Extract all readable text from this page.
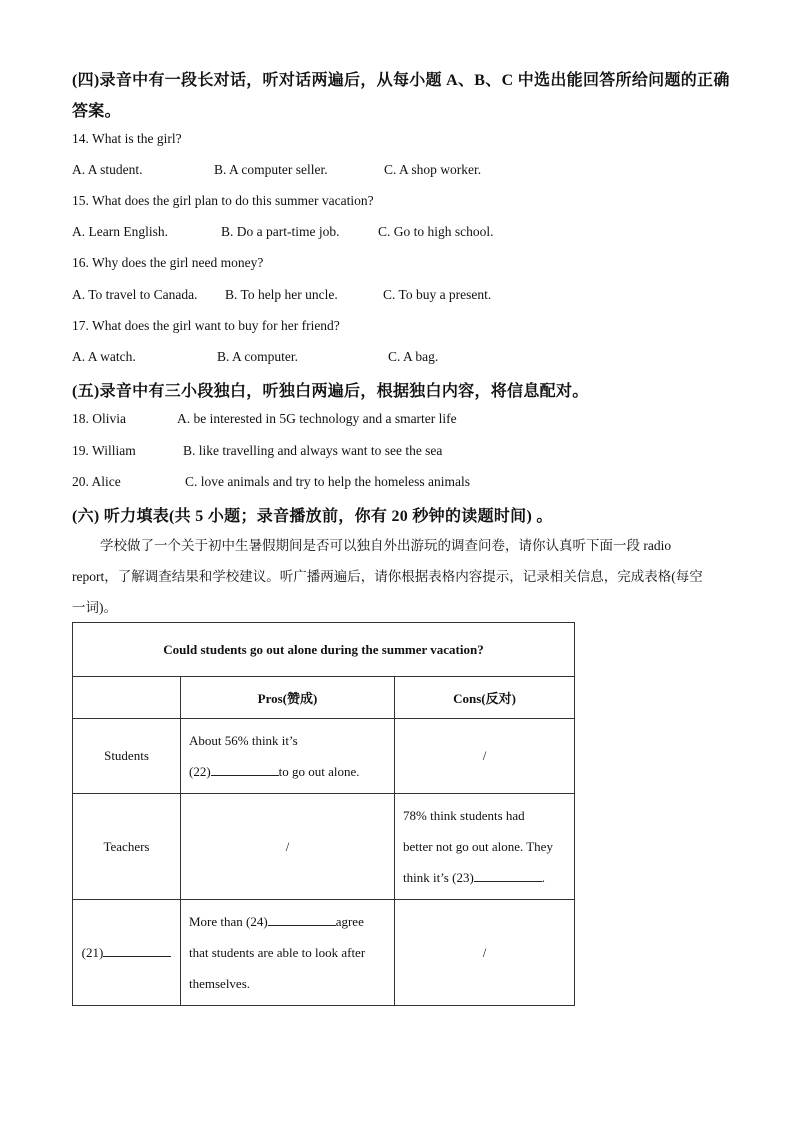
(四)录音中有一段长对话，听对话两遍后，从每小题 A、B、C 中选出能回答所给问题的正确
答案。
14. What is the girl?
A. A student.	B. A computer seller.	C. A shop worker.
15. What does the girl plan to do this summer vacation?
A. Learn English.	B. Do a part-time job.	C. Go to high school.
16. Why does the girl need money?
A. To travel to Canada. B. To help her uncle.	C. To buy a present.
17. What does the girl want to buy for her friend?
A. A watch.	B. A computer.	C. A bag.
(五)录音中有三小段独白，听独白两遍后，根据独白内容，将信息配对。
18. Olivia	A. be interested in 5G technology and a smarter life
19. William	B. like travelling and always want to see the sea
20. Alice	C. love animals and try to help the homeless animals
(六) 听力填表(共 5 小题；录音播放前，你有 20 秒钟的读题时间) 。
学校做了一个关于初中生暑假期间是否可以独自外出游玩的调查问卷，请你认真听下面一段 radio
report，了解调查结果和学校建议。听广播两遍后，请你根据表格内容提示，记录相关信息，完成表格(每空
一词)。
Could students go out alone during the summer vacation?		
	Pros(赞成)	Cons(反对)
Students	About 56% think it’s
(22) to go out alone.	/
Teachers	/	78% think students had
better not go out alone. They
think it’s (23) .
(21)	More than (24) agree
that students are able to look after
themselves.	/
